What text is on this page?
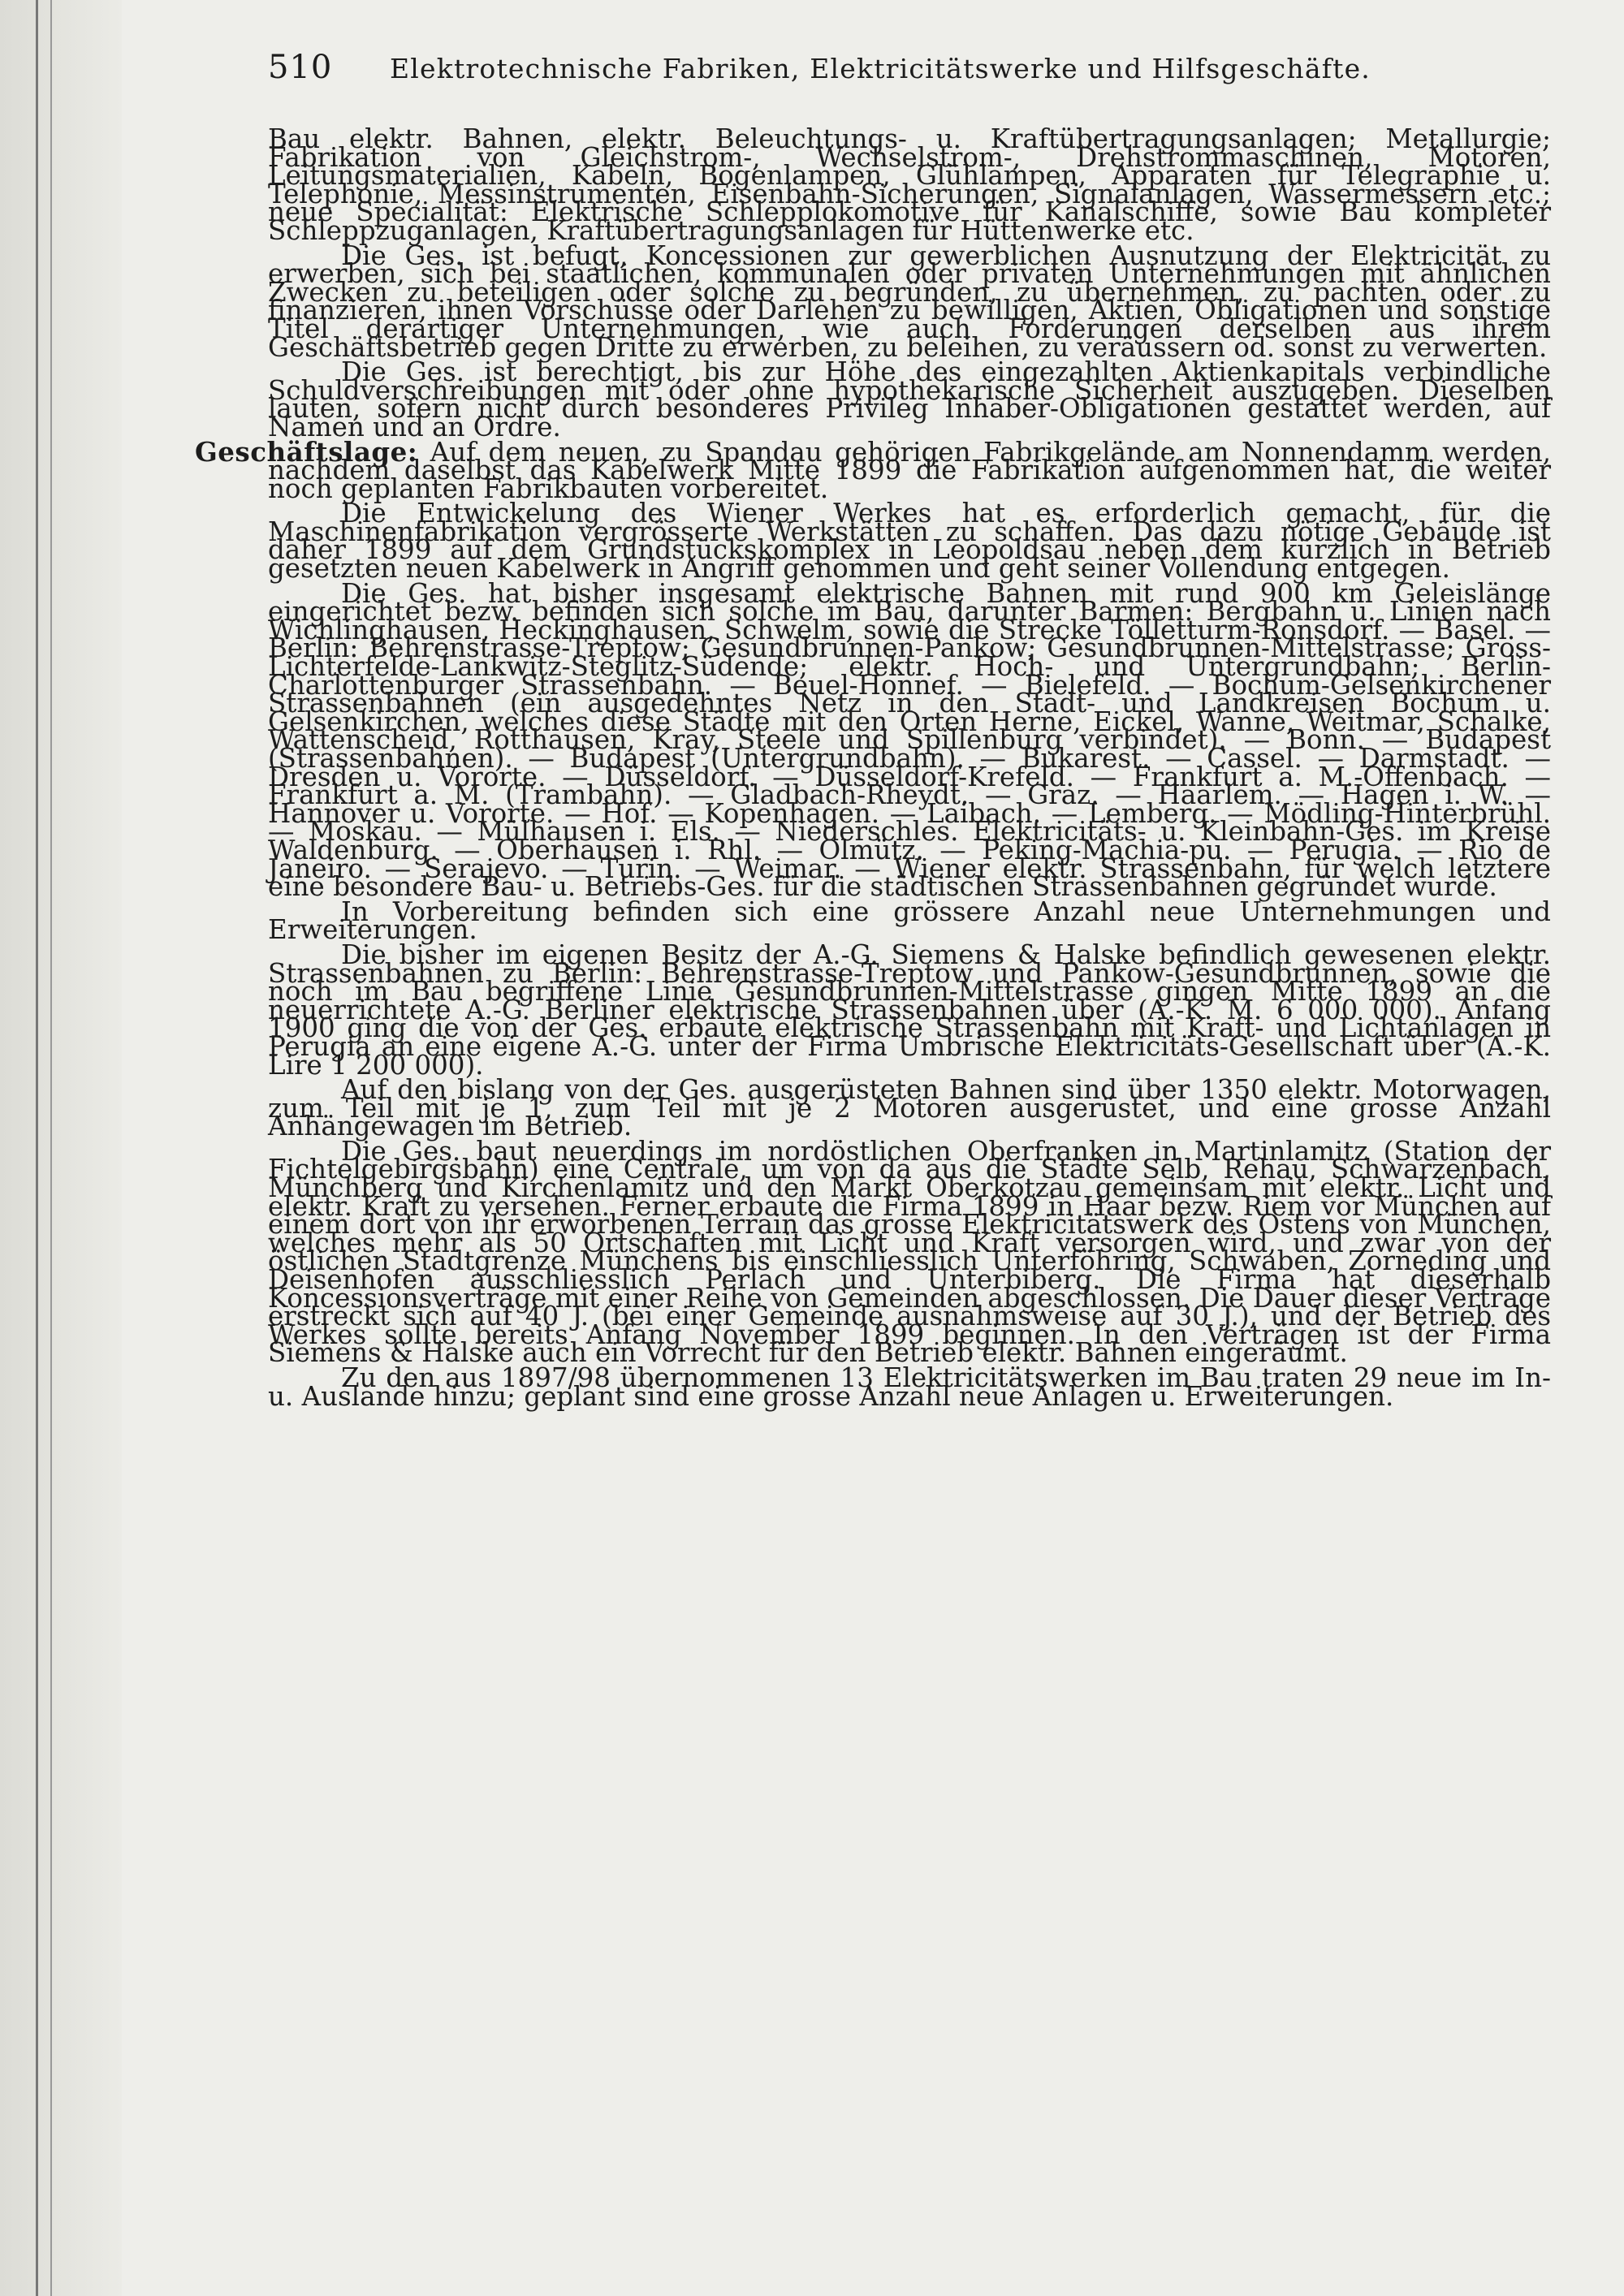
510	Elektrotechnische Fabriken, Elektricitätswerke und Hilfsgeschäfte.

Bau elektr. Bahnen, elektr. Beleuchtungs- u. Kraftübertragungsanlagen; Metallurgie; Fabrikation von Gleichstrom-, Wechselstrom-, Drehstrommaschinen, Motoren, Leitungsmaterialien, Kabeln, Bogenlampen, Glühlampen, Apparaten für Telegraphie u. Telephonie, Messinstrumenten, Eisenbahn-Sicherungen, Signalanlagen, Wassermessern etc.; neue Specialität: Elektrische Schlepplokomotive für Kanalschiffe, sowie Bau kompleter Schleppzuganlagen, Kraftübertragungsanlagen für Hüttenwerke etc.

Die Ges. ist befugt, Koncessionen zur gewerblichen Ausnutzung der Elektricität zu erwerben, sich bei staatlichen, kommunalen oder privaten Unternehmungen mit ähnlichen Zwecken zu beteiligen oder solche zu begründen, zu übernehmen, zu pachten oder zu finanzieren, ihnen Vorschüsse oder Darlehen zu bewilligen, Aktien, Obligationen und sonstige Titel derartiger Unternehmungen, wie auch Forderungen derselben aus ihrem Geschäftsbetrieb gegen Dritte zu erwerben, zu beleihen, zu veräussern od. sonst zu verwerten.

Die Ges. ist berechtigt, bis zur Höhe des eingezahlten Aktienkapitals verbindliche Schuldverschreibungen mit oder ohne hypothekarische Sicherheit auszugeben. Dieselben lauten, sofern nicht durch besonderes Privileg Inhaber-Obligationen gestattet werden, auf Namen und an Ordre.

Geschäftslage: Auf dem neuen, zu Spandau gehörigen Fabrikgelände am Nonnendamm werden, nachdem daselbst das Kabelwerk Mitte 1899 die Fabrikation aufgenommen hat, die weiter noch geplanten Fabrikbauten vorbereitet.

Die Entwickelung des Wiener Werkes hat es erforderlich gemacht, für die Maschinenfabrikation vergrösserte Werkstätten zu schaffen. Das dazu nötige Gebäude ist daher 1899 auf dem Grundstückskomplex in Leopoldsau neben dem kürzlich in Betrieb gesetzten neuen Kabelwerk in Angriff genommen und geht seiner Vollendung entgegen.

Die Ges. hat bisher insgesamt elektrische Bahnen mit rund 900 km Geleislänge eingerichtet bezw. befinden sich solche im Bau, darunter Barmen: Bergbahn u. Linien nach Wichlinghausen, Heckinghausen, Schwelm, sowie die Strecke Tölletturm-Ronsdorf. — Basel. — Berlin: Behrenstrasse-Treptow; Gesundbrunnen-Pankow; Gesundbrunnen-Mittelstrasse; Gross-Lichterfelde-Lankwitz-Steglitz-Südende; elektr. Hoch- und Untergrundbahn; Berlin-Charlottenburger Strassenbahn. — Beuel-Honnef. — Bielefeld. — Bochum-Gelsenkirchener Strassenbahnen (ein ausgedehntes Netz in den Stadt- und Landkreisen Bochum u. Gelsenkirchen, welches diese Städte mit den Orten Herne, Eickel, Wanne, Weitmar, Schalke, Wattenscheid, Rotthausen, Kray, Steele und Spillenburg verbindet). — Bonn. — Budapest (Strassenbahnen). — Budapest (Untergrundbahn). — Bukarest. — Cassel. — Darmstadt. — Dresden u. Vororte. — Düsseldorf. — Düsseldorf-Krefeld. — Frankfurt a. M.-Offenbach. — Frankfurt a. M. (Trambahn). — Gladbach-Rheydt. — Graz. — Haarlem. — Hagen i. W. — Hannover u. Vororte. — Hof. — Kopenhagen. — Laibach. — Lemberg. — Mödling-Hinterbrühl. — Moskau. — Mülhausen i. Els. — Niederschles. Elektricitäts- u. Kleinbahn-Ges. im Kreise Waldenburg. — Oberhausen i. Rhl. — Olmütz. — Peking-Machia-pu. — Perugia. — Rio de Janeiro. — Serajevo. — Turin. — Weimar. — Wiener elektr. Strassenbahn, für welch letztere eine besondere Bau- u. Betriebs-Ges. für die städtischen Strassenbahnen gegründet wurde.

In Vorbereitung befinden sich eine grössere Anzahl neue Unternehmungen und Erweiterungen.

Die bisher im eigenen Besitz der A.-G. Siemens & Halske befindlich gewesenen elektr. Strassenbahnen zu Berlin: Behrenstrasse-Treptow und Pankow-Gesundbrunnen, sowie die noch im Bau begriffene Linie Gesundbrunnen-Mittelstrasse gingen Mitte 1899 an die neuerrichtete A.-G. Berliner elektrische Strassenbahnen über (A.-K. M. 6 000 000). Anfang 1900 ging die von der Ges. erbaute elektrische Strassenbahn mit Kraft- und Lichtanlagen in Perugia an eine eigene A.-G. unter der Firma Umbrische Elektricitäts-Gesellschaft über (A.-K. Lire 1 200 000).

Auf den bislang von der Ges. ausgerüsteten Bahnen sind über 1350 elektr. Motorwagen, zum Teil mit je 1, zum Teil mit je 2 Motoren ausgerüstet, und eine grosse Anzahl Anhängewagen im Betrieb.

Die Ges. baut neuerdings im nordöstlichen Oberfranken in Martinlamitz (Station der Fichtelgebirgsbahn) eine Centrale, um von da aus die Städte Selb, Rehau, Schwarzenbach, Münchberg und Kirchenlamitz und den Markt Oberkotzau gemeinsam mit elektr. Licht und elektr. Kraft zu versehen. Ferner erbaute die Firma 1899 in Haar bezw. Riem vor München auf einem dort von ihr erworbenen Terrain das grosse Elektricitätswerk des Ostens von München, welches mehr als 50 Ortschaften mit Licht und Kraft versorgen wird, und zwar von der östlichen Stadtgrenze Münchens bis einschliesslich Unterföhring, Schwaben, Zorneding und Deisenhofen ausschliesslich Perlach und Unterbiberg. Die Firma hat dieserhalb Koncessionsverträge mit einer Reihe von Gemeinden abgeschlossen. Die Dauer dieser Verträge erstreckt sich auf 40 J. (bei einer Gemeinde ausnahmsweise auf 30 J.), und der Betrieb des Werkes sollte bereits Anfang November 1899 beginnen. In den Verträgen ist der Firma Siemens & Halske auch ein Vorrecht für den Betrieb elektr. Bahnen eingeräumt.

Zu den aus 1897/98 übernommenen 13 Elektricitätswerken im Bau traten 29 neue im In- u. Auslande hinzu; geplant sind eine grosse Anzahl neue Anlagen u. Erweiterungen.
